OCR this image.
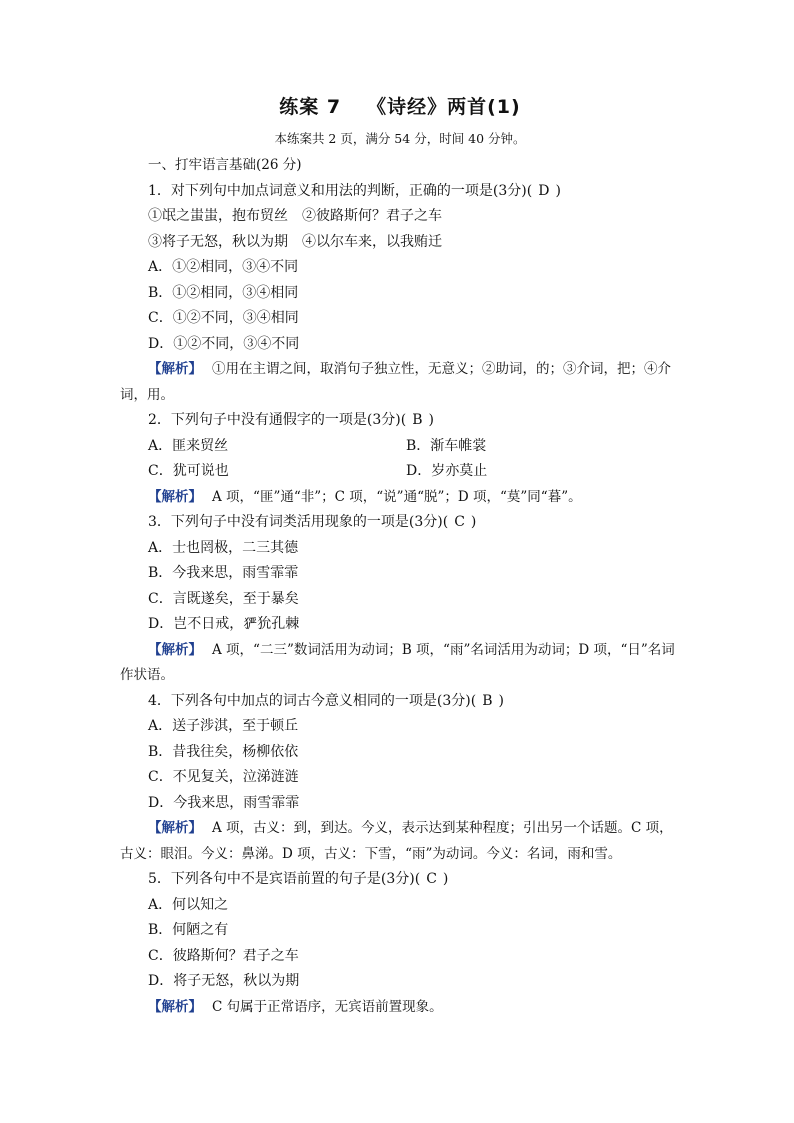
练案 7 《诗经》两首(1)
本练案共 2 页，满分 54 分，时间 40 分钟。
一、打牢语言基础(26 分)
1．对下列句中加点词意义和用法的判断，正确的一项是(3分)( D )
①氓之蚩蚩，抱布贸丝　②彼路斯何？君子之车
③将子无怒，秋以为期　④以尔车来，以我贿迁
A．①②相同，③④不同
B．①②相同，③④相同
C．①②不同，③④相同
D．①②不同，③④不同
【解析】 ①用在主谓之间，取消句子独立性，无意义；②助词，的；③介词，把；④介词，用。
2．下列句子中没有通假字的一项是(3分)( B )
A．匪来贸丝	B．渐车帷裳
C．犹可说也	D．岁亦莫止
【解析】 A 项，“匪”通“非”；C 项，“说”通“脱”；D 项，“莫”同“暮”。
3．下列句子中没有词类活用现象的一项是(3分)( C )
A．士也罔极，二三其德
B．今我来思，雨雪霏霏
C．言既遂矣，至于暴矣
D．岂不日戒，𤞤狁孔棘
【解析】 A 项，“二三”数词活用为动词；B 项，“雨”名词活用为动词；D 项，“日”名词作状语。
4．下列各句中加点的词古今意义相同的一项是(3分)( B )
A．送子涉淇，至于顿丘
B．昔我往矣，杨柳依依
C．不见复关，泣涕涟涟
D．今我来思，雨雪霏霏
【解析】 A 项，古义：到，到达。今义，表示达到某种程度；引出另一个话题。C 项，古义：眼泪。今义：鼻涕。D 项，古义：下雪，“雨”为动词。今义：名词，雨和雪。
5．下列各句中不是宾语前置的句子是(3分)( C )
A．何以知之
B．何陋之有
C．彼路斯何？君子之车
D．将子无怒，秋以为期
【解析】 C 句属于正常语序，无宾语前置现象。
